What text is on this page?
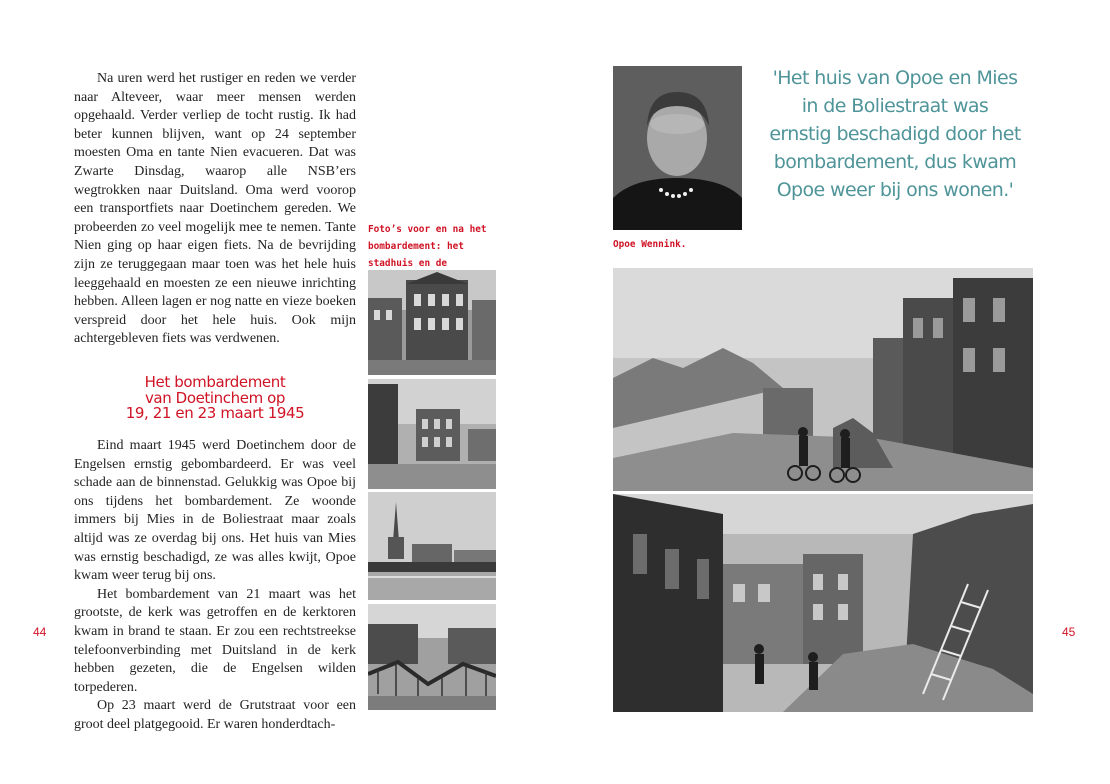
Na uren werd het rustiger en reden we verder naar Alteveer, waar meer mensen werden opgehaald. Verder verliep de tocht rustig. Ik had beter kunnen blijven, want op 24 september moesten Oma en tante Nien evacueren. Dat was Zwarte Dinsdag, waarop alle NSB’ers wegtrokken naar Duitsland. Oma werd voorop een transportfiets naar Doetinchem gereden. We probeerden zo veel mogelijk mee te nemen. Tante Nien ging op haar eigen fiets. Na de bevrijding zijn ze teruggegaan maar toen was het hele huis leeggehaald en moesten ze een nieuwe inrichting hebben. Alleen lagen er nog natte en vieze boeken verspreid door het hele huis. Ook mijn achtergebleven fiets was verdwenen.

Het bombardement
van Doetinchem op
19, 21 en 23 maart 1945

Eind maart 1945 werd Doetinchem door de Engelsen ernstig gebombardeerd. Er was veel schade aan de binnenstad. Gelukkig was Opoe bij ons tijdens het bombardement. Ze woonde immers bij Mies in de Boliestraat maar zoals altijd was ze overdag bij ons. Het huis van Mies was ernstig beschadigd, ze was alles kwijt, Opoe kwam weer terug bij ons.

Het bombardement van 21 maart was het grootste, de kerk was getroffen en de kerktoren kwam in brand te staan. Er zou een rechtstreekse telefoonverbinding met Duitsland in de kerk hebben gezeten, die de Engelsen wilden torpederen.

Op 23 maart werd de Grutstraat voor een groot deel platgegooid. Er waren honderdtach-

44
Foto’s voor en na het bombardement: het stadhuis en de
Opoe Wennink.
'Het huis van Opoe en Mies
in de Boliestraat was
ernstig beschadigd door het
bombardement, dus kwam
Opoe weer bij ons wonen.'
45
